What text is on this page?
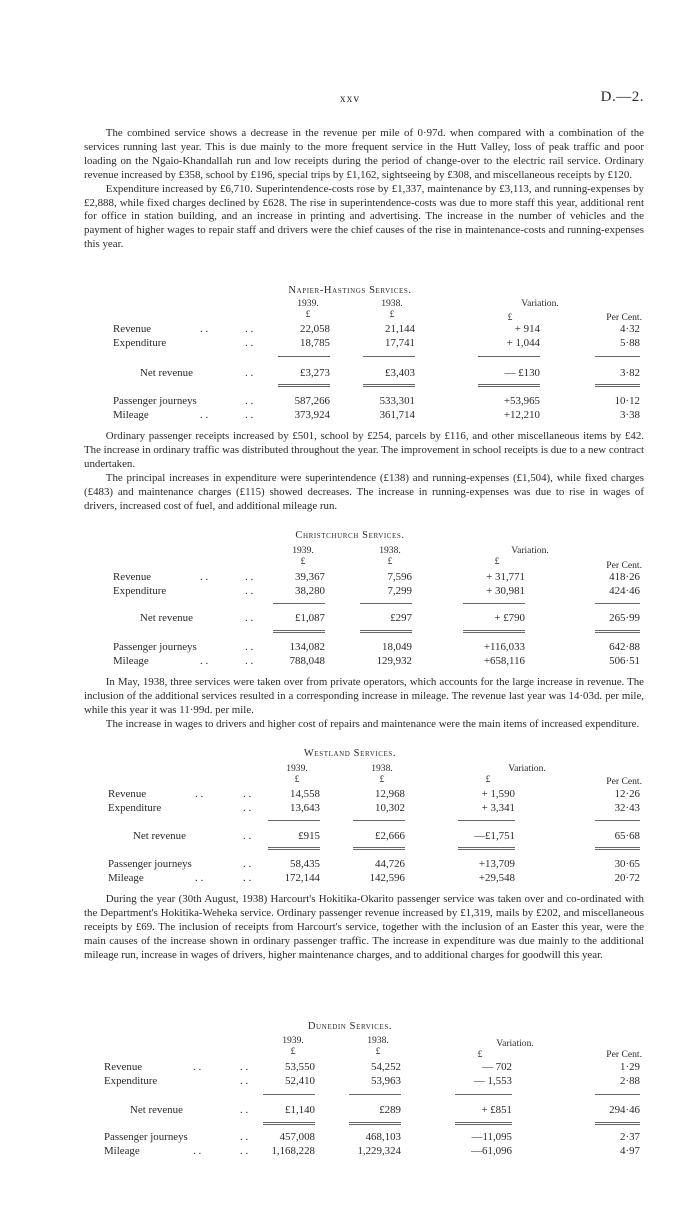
xxv	D.—2.

The combined service shows a decrease in the revenue per mile of 0·97d. when compared with a combination of the services running last year. This is due mainly to the more frequent service in the Hutt Valley, loss of peak traffic and poor loading on the Ngaio-Khandallah run and low receipts during the period of change-over to the electric rail service. Ordinary revenue increased by £358, school by £196, special trips by £1,162, sightseeing by £308, and miscellaneous receipts by £120.

Expenditure increased by £6,710. Superintendence-costs rose by £1,337, maintenance by £3,113, and running-expenses by £2,888, while fixed charges declined by £628. The rise in superintendence-costs was due to more staff this year, additional rent for office in station building, and an increase in printing and advertising. The increase in the number of vehicles and the payment of higher wages to repair staff and drivers were the chief causes of the rise in maintenance-costs and running-expenses this year.

Napier-Hastings Services.
1939.	1938.	Variation.
£	£	£	Per Cent.
Revenue	. .	. .	22,058	21,144	+ 914	4·32
Expenditure	. .	18,785	17,741	+ 1,044	5·88
Net revenue	. .	£3,273	£3,403	— £130	3·82
Passenger journeys	. .	587,266	533,301	+53,965	10·12
Mileage	. .	. .	373,924	361,714	+12,210	3·38

Ordinary passenger receipts increased by £501, school by £254, parcels by £116, and other miscellaneous items by £42. The increase in ordinary traffic was distributed throughout the year. The improvement in school receipts is due to a new contract undertaken.

The principal increases in expenditure were superintendence (£138) and running-expenses (£1,504), while fixed charges (£483) and maintenance charges (£115) showed decreases. The increase in running-expenses was due to rise in wages of drivers, increased cost of fuel, and additional mileage run.

Christchurch Services.
1939.	1938.	Variation.
£	£	£	Per Cent.
Revenue	. .	. .	39,367	7,596	+ 31,771	418·26
Expenditure	. .	38,280	7,299	+ 30,981	424·46
Net revenue	. .	£1,087	£297	+ £790	265·99
Passenger journeys	. .	134,082	18,049	+116,033	642·88
Mileage	. .	. .	788,048	129,932	+658,116	506·51

In May, 1938, three services were taken over from private operators, which accounts for the large increase in revenue. The inclusion of the additional services resulted in a corresponding increase in mileage. The revenue last year was 14·03d. per mile, while this year it was 11·99d. per mile.

The increase in wages to drivers and higher cost of repairs and maintenance were the main items of increased expenditure.

Westland Services.
1939.	1938.	Variation.
£	£	£	Per Cent.
Revenue	. .	. .	14,558	12,968	+ 1,590	12·26
Expenditure	. .	13,643	10,302	+ 3,341	32·43
Net revenue	. .	£915	£2,666	—£1,751	65·68
Passenger journeys	. .	58,435	44,726	+13,709	30·65
Mileage	. .	. .	172,144	142,596	+29,548	20·72

During the year (30th August, 1938) Harcourt's Hokitika-Okarito passenger service was taken over and co-ordinated with the Department's Hokitika-Weheka service. Ordinary passenger revenue increased by £1,319, mails by £202, and miscellaneous receipts by £69. The inclusion of receipts from Harcourt's service, together with the inclusion of an Easter this year, were the main causes of the increase shown in ordinary passenger traffic. The increase in expenditure was due mainly to the additional mileage run, increase in wages of drivers, higher maintenance charges, and to additional charges for goodwill this year.

Dunedin Services.
1939.	1938.	Variation.
£	£	£	Per Cent.
Revenue	. .	. .	53,550	54,252	— 702	1·29
Expenditure	. .	52,410	53,963	— 1,553	2·88
Net revenue	. .	£1,140	£289	+ £851	294·46
Passenger journeys	. .	457,008	468,103	—11,095	2·37
Mileage	. .	. .	1,168,228	1,229,324	—61,096	4·97
